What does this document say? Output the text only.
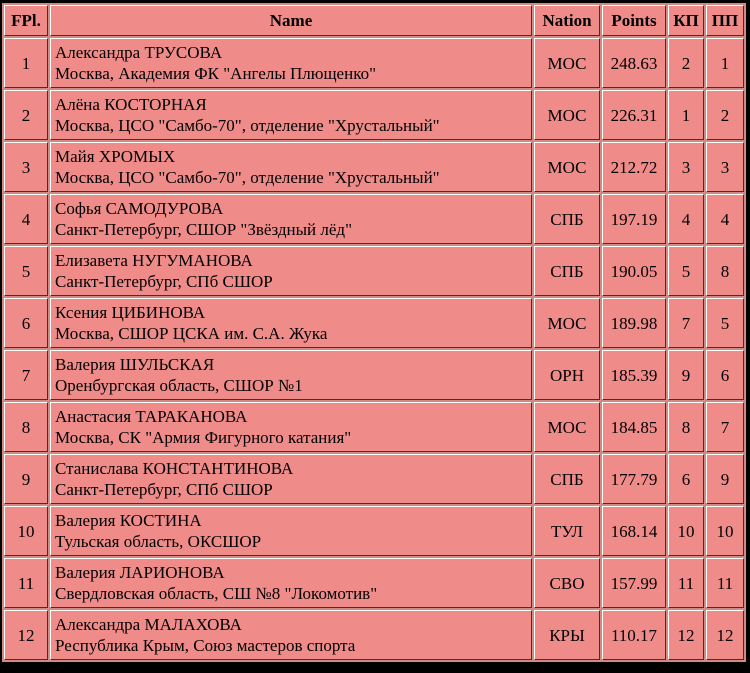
FPl.	Name	Nation	Points	КП	ПП
1	Александра ТРУСОВА
Москва, Академия ФК "Ангелы Плющенко"	МОС	248.63	2	1
2	Алёна КОСТОРНАЯ
Москва, ЦСО "Самбо-70", отделение "Хрустальный"	МОС	226.31	1	2
3	Майя ХРОМЫХ
Москва, ЦСО "Самбо-70", отделение "Хрустальный"	МОС	212.72	3	3
4	Софья САМОДУРОВА
Санкт-Петербург, СШОР "Звёздный лёд"	СПБ	197.19	4	4
5	Елизавета НУГУМАНОВА
Санкт-Петербург, СПб СШОР	СПБ	190.05	5	8
6	Ксения ЦИБИНОВА
Москва, СШОР ЦСКА им. С.А. Жука	МОС	189.98	7	5
7	Валерия ШУЛЬСКАЯ
Оренбургская область, СШОР №1	ОРН	185.39	9	6
8	Анастасия ТАРАКАНОВА
Москва, СК "Армия Фигурного катания"	МОС	184.85	8	7
9	Станислава КОНСТАНТИНОВА
Санкт-Петербург, СПб СШОР	СПБ	177.79	6	9
10	Валерия КОСТИНА
Тульская область, ОКСШОР	ТУЛ	168.14	10	10
11	Валерия ЛАРИОНОВА
Свердловская область, СШ №8 "Локомотив"	СВО	157.99	11	11
12	Александра МАЛАХОВА
Республика Крым, Союз мастеров спорта	КРЫ	110.17	12	12
